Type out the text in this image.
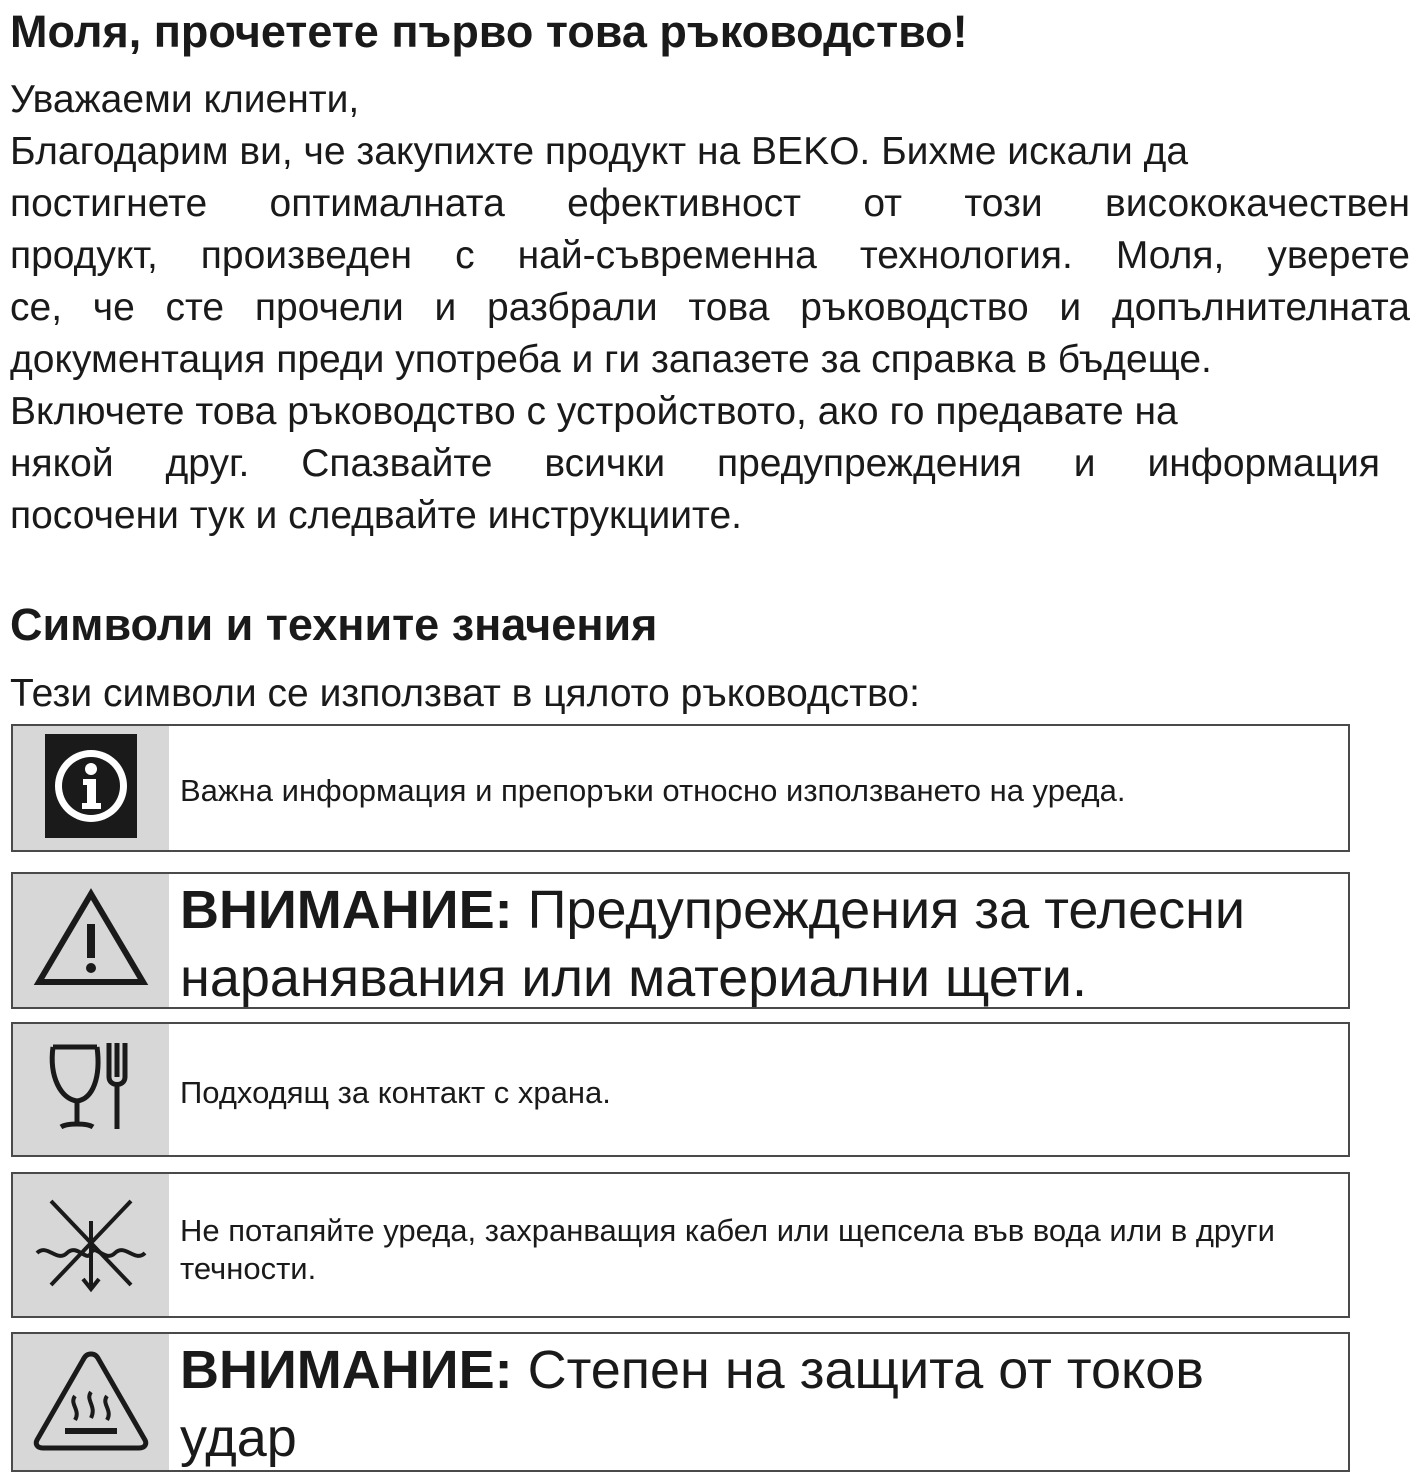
Моля, прочетете първо това ръководство!
Уважаеми клиенти,
Благодарим ви, че закупихте продукт на BEKO. Бихме искали да
постигнете оптималната ефективност от този висококачествен
продукт, произведен с най-съвременна технология. Моля, уверете
се, че сте прочели и разбрали това ръководство и допълнителната
документация преди употреба и ги запазете за справка в бъдеще.
Включете това ръководство с устройството, ако го предавате на
някой друг. Спазвайте всички предупреждения и информация
посочени тук и следвайте инструкциите.
Символи и техните значения
Тези символи се използват в цялото ръководство:
Важна информация и препоръки относно използването на уреда.
ВНИМАНИЕ: Предупреждения за телесни
наранявания или материални щети.
Подходящ за контакт с храна.
Не потапяйте уреда, захранващия кабел или щепсела във вода или в други
течности.
ВНИМАНИЕ: Степен на защита от токов
удар
